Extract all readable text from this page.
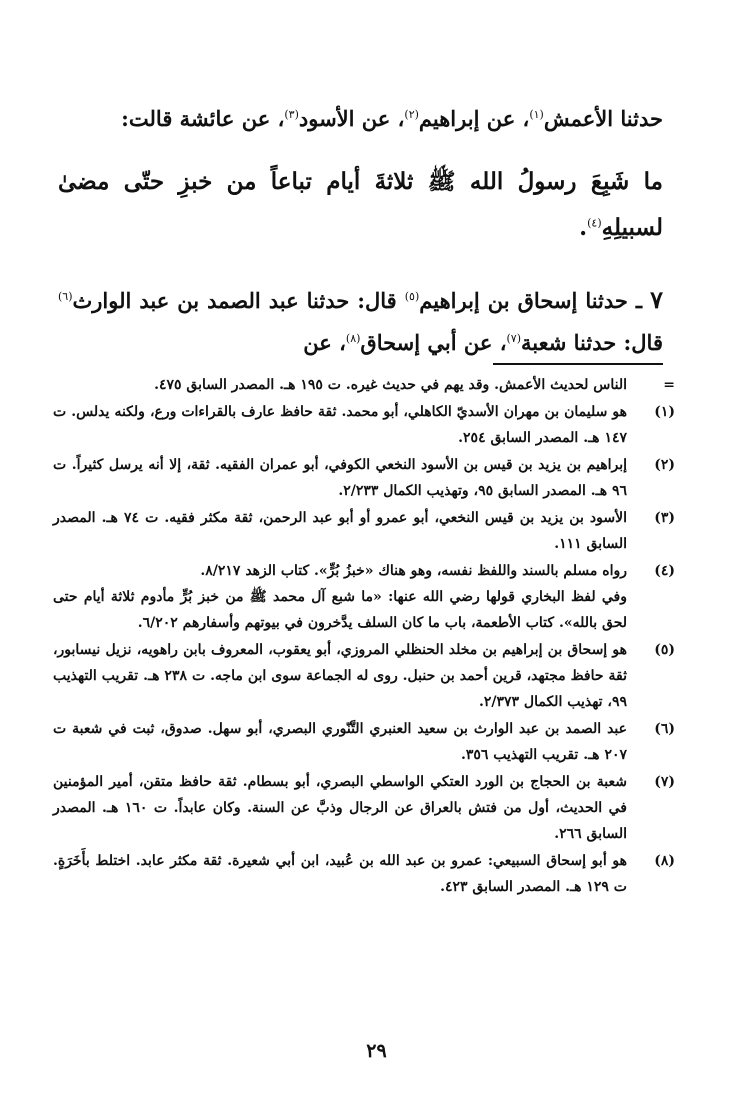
حدثنا الأعمش$^{(١)}$، عن إبراهيم$^{(٢)}$، عن الأسود$^{(٣)}$، عن عائشة قالت:

ما شَبِعَ رسولُ الله ﷺ ثلاثةَ أيام تباعاً من خبزِ حتّى مضىٰ لسبيلِهِ$^{(٤)}$.

٧ ـ حدثنا إسحاق بن إبراهيم$^{(٥)}$ قال: حدثنا عبد الصمد بن عبد الوارث$^{(٦)}$ قال: حدثنا شعبة$^{(٧)}$، عن أبي إسحاق$^{(٨)}$، عن

=

الناس لحديث الأعمش. وقد يهم في حديث غيره. ت ١٩٥ هـ. المصدر السابق ٤٧٥.

(١)

هو سليمان بن مهران الأسديّ الكاهلي، أبو محمد. ثقة حافظ عارف بالقراءات ورع، ولكنه يدلس. ت ١٤٧ هـ. المصدر السابق ٢٥٤.

(٢)

إبراهيم بن يزيد بن قيس بن الأسود النخعي الكوفي، أبو عمران الفقيه. ثقة، إلا أنه يرسل كثيراً. ت ٩٦ هـ. المصدر السابق ٩٥، وتهذيب الكمال ٢/٢٣٣.

(٣)

الأسود بن يزيد بن قيس النخعي، أبو عمرو أو أبو عبد الرحمن، ثقة مكثر فقيه. ت ٧٤ هـ. المصدر السابق ١١١.

(٤)

رواه مسلم بالسند واللفظ نفسه، وهو هناك «خبزُ بُرٍّ». كتاب الزهد ٨/٢١٧.

وفي لفظ البخاري قولها رضي الله عنها: «ما شبع آل محمد ﷺ من خبز بُرٍّ مأدوم ثلاثة أيام حتى لحق بالله». كتاب الأطعمة، باب ما كان السلف يدَّخرون في بيوتهم وأسفارهم ٦/٢٠٢.

(٥)

هو إسحاق بن إبراهيم بن مخلد الحنظلي المروزي، أبو يعقوب، المعروف بابن راهويه، نزيل نيسابور، ثقة حافظ مجتهد، قرين أحمد بن حنبل. روى له الجماعة سوى ابن ماجه. ت ٢٣٨ هـ. تقريب التهذيب ٩٩، تهذيب الكمال ٢/٣٧٣.

(٦)

عبد الصمد بن عبد الوارث بن سعيد العنبري التَّنّوري البصري، أبو سهل. صدوق، ثبت في شعبة ت ٢٠٧ هـ. تقريب التهذيب ٣٥٦.

(٧)

شعبة بن الحجاج بن الورد العتكي الواسطي البصري، أبو بسطام. ثقة حافظ متقن، أمير المؤمنين في الحديث، أول من فتش بالعراق عن الرجال وذبَّ عن السنة. وكان عابداً. ت ١٦٠ هـ. المصدر السابق ٢٦٦.

(٨)

هو أبو إسحاق السبيعي: عمرو بن عبد الله بن عُبيد، ابن أبي شعيرة. ثقة مكثر عابد. اختلط بأَخَرَةٍ. ت ١٢٩ هـ. المصدر السابق ٤٢٣.

٢٩
